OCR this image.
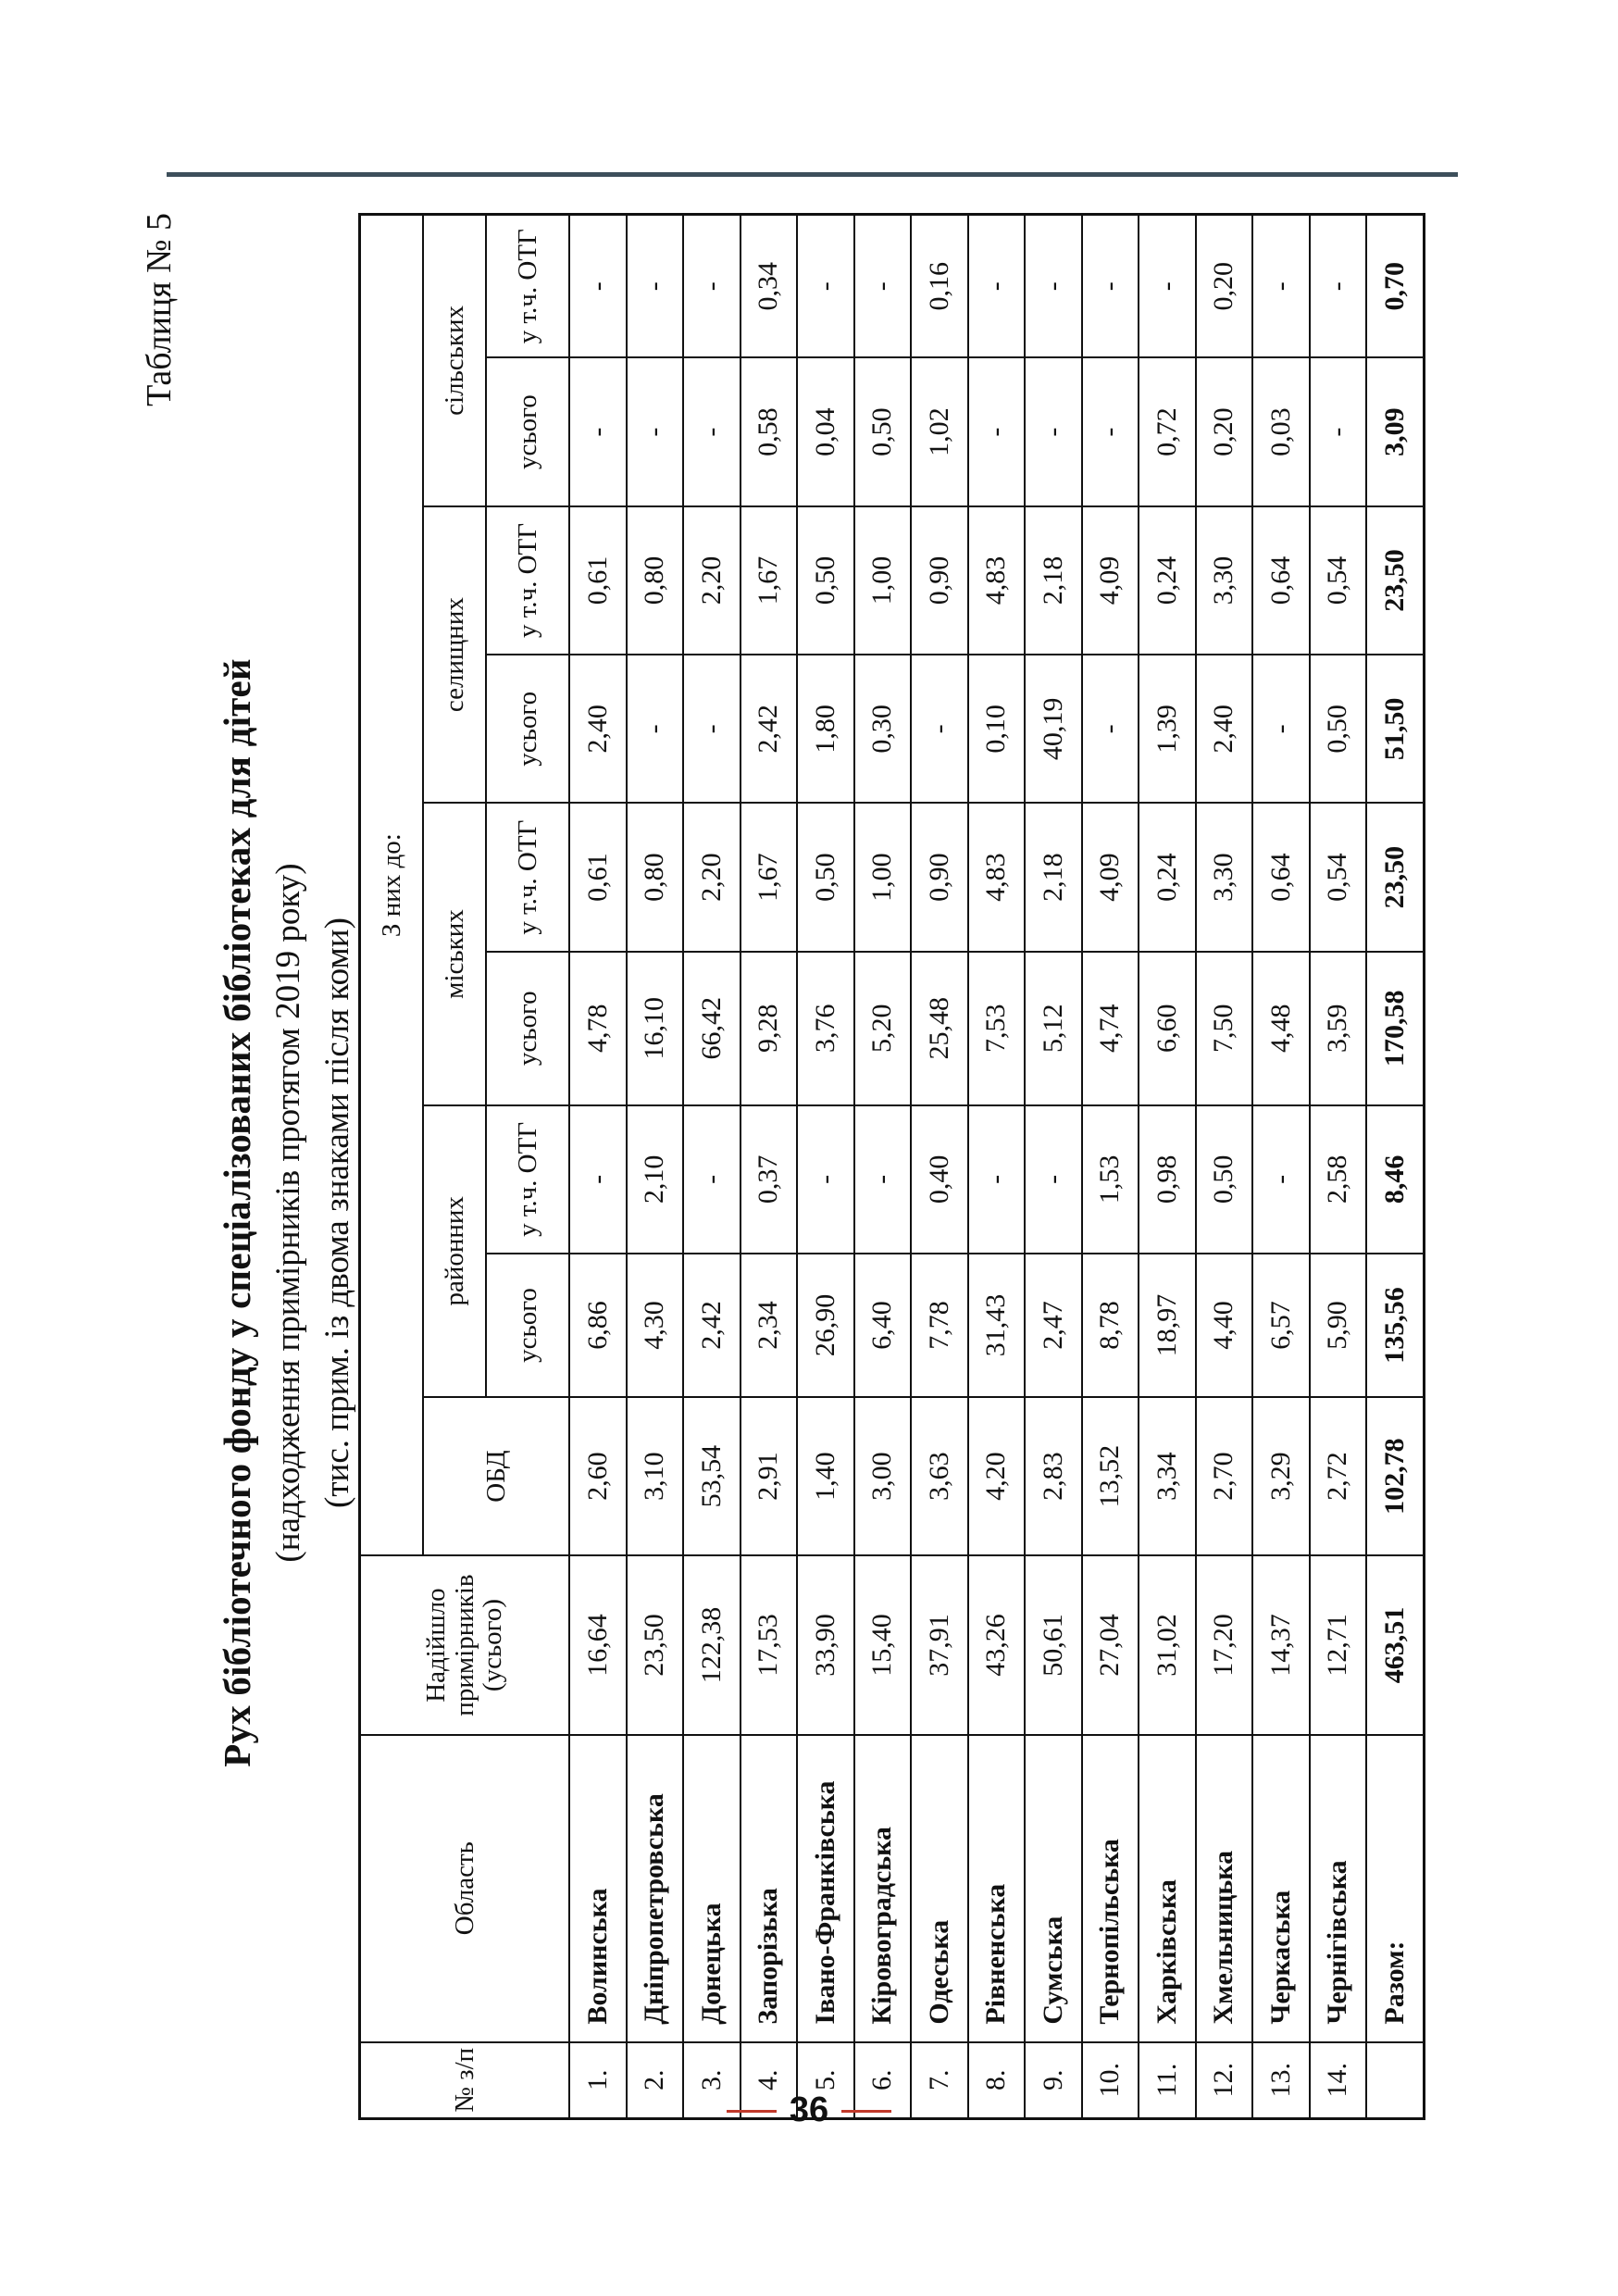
Таблиця № 5
Рух бібліотечного фонду у спеціалізованих бібліотеках для дітей (надходження примірників протягом 2019 року) (тис. прим. із двома знаками після коми)
№ з/п	Область	Надійшло примірників (усього)	З них до:								
			ОБД	районних		міських		селищних		сільських	
				усього	у т.ч. ОТГ	усього	у т.ч. ОТГ	усього	у т.ч. ОТГ	усього	у т.ч. ОТГ
1.	Волинська	16,64	2,60	6,86	-	4,78	0,61	2,40	0,61	-	-
2.	Дніпропетровська	23,50	3,10	4,30	2,10	16,10	0,80	-	0,80	-	-
3.	Донецька	122,38	53,54	2,42	-	66,42	2,20	-	2,20	-	-
4.	Запорізька	17,53	2,91	2,34	0,37	9,28	1,67	2,42	1,67	0,58	0,34
5.	Івано-Франківська	33,90	1,40	26,90	-	3,76	0,50	1,80	0,50	0,04	-
6.	Кіровоградська	15,40	3,00	6,40	-	5,20	1,00	0,30	1,00	0,50	-
7.	Одеська	37,91	3,63	7,78	0,40	25,48	0,90	-	0,90	1,02	0,16
8.	Рівненська	43,26	4,20	31,43	-	7,53	4,83	0,10	4,83	-	-
9.	Сумська	50,61	2,83	2,47	-	5,12	2,18	40,19	2,18	-	-
10.	Тернопільська	27,04	13,52	8,78	1,53	4,74	4,09	-	4,09	-	-
11.	Харківська	31,02	3,34	18,97	0,98	6,60	0,24	1,39	0,24	0,72	-
12.	Хмельницька	17,20	2,70	4,40	0,50	7,50	3,30	2,40	3,30	0,20	0,20
13.	Черкаська	14,37	3,29	6,57	-	4,48	0,64	-	0,64	0,03	-
14.	Чернігівська	12,71	2,72	5,90	2,58	3,59	0,54	0,50	0,54	-	-
	Разом:	463,51	102,78	135,56	8,46	170,58	23,50	51,50	23,50	3,09	0,70
36
